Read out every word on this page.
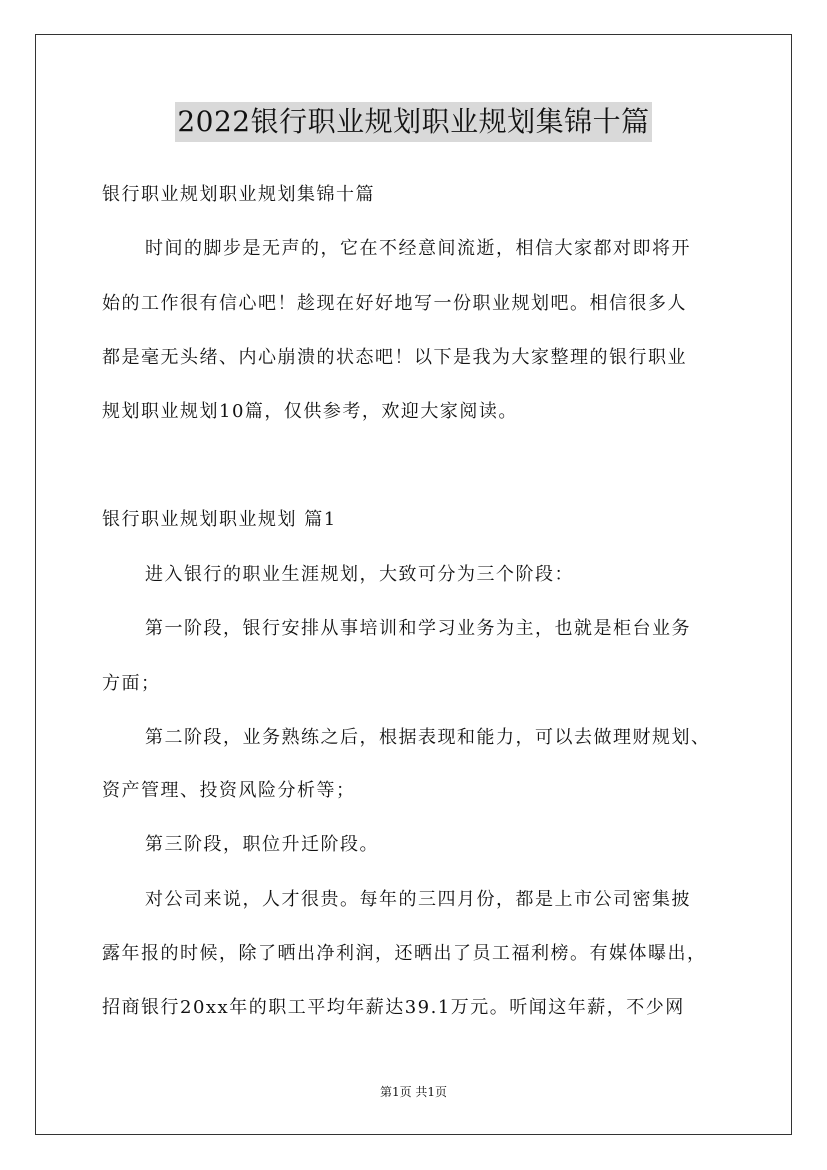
2022银行职业规划职业规划集锦十篇
银行职业规划职业规划集锦十篇
时间的脚步是无声的，它在不经意间流逝，相信大家都对即将开
始的工作很有信心吧！趁现在好好地写一份职业规划吧。相信很多人
都是毫无头绪、内心崩溃的状态吧！以下是我为大家整理的银行职业
规划职业规划10篇，仅供参考，欢迎大家阅读。
银行职业规划职业规划 篇1
进入银行的职业生涯规划，大致可分为三个阶段：
第一阶段，银行安排从事培训和学习业务为主，也就是柜台业务
方面；
第二阶段，业务熟练之后，根据表现和能力，可以去做理财规划、
资产管理、投资风险分析等；
第三阶段，职位升迁阶段。
对公司来说，人才很贵。每年的三四月份，都是上市公司密集披
露年报的时候，除了晒出净利润，还晒出了员工福利榜。有媒体曝出，
招商银行20xx年的职工平均年薪达39.1万元。听闻这年薪，不少网
第1页 共1页
